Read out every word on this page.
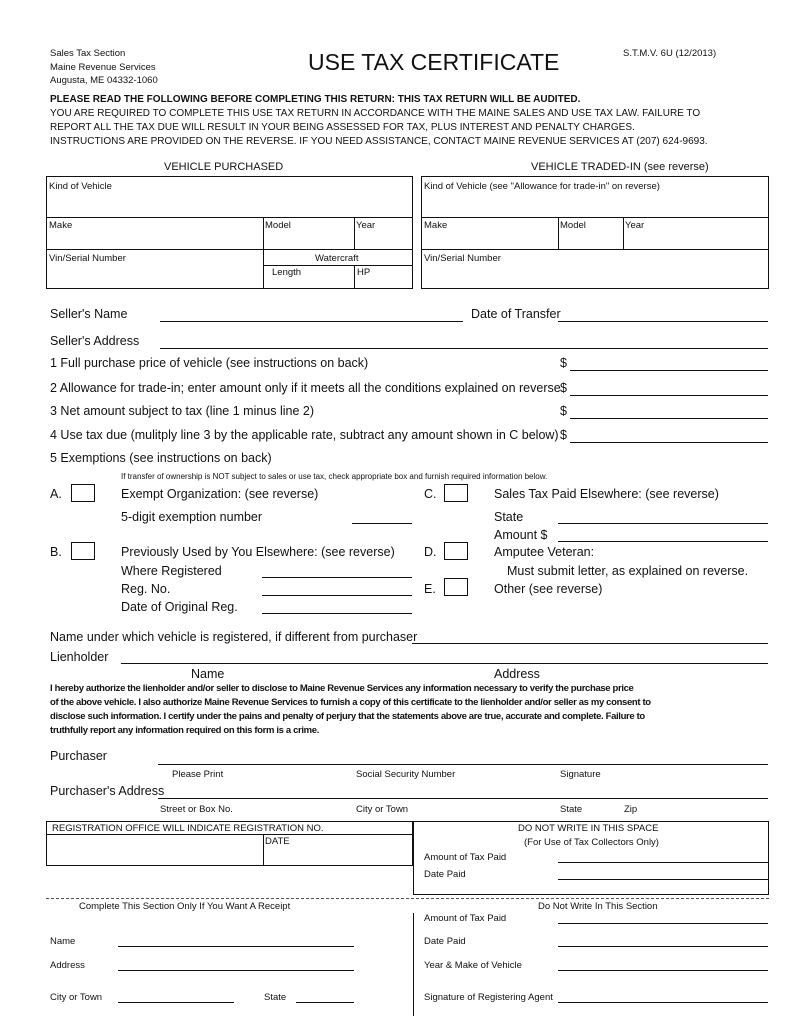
Sales Tax Section
Maine Revenue Services
Augusta, ME 04332-1060
USE TAX CERTIFICATE	S.T.M.V. 6U (12/2013)
PLEASE READ THE FOLLOWING BEFORE COMPLETING THIS RETURN: THIS TAX RETURN WILL BE AUDITED.
YOU ARE REQUIRED TO COMPLETE THIS USE TAX RETURN IN ACCORDANCE WITH THE MAINE SALES AND USE TAX LAW. FAILURE TO
REPORT ALL THE TAX DUE WILL RESULT IN YOUR BEING ASSESSED FOR TAX, PLUS INTEREST AND PENALTY CHARGES.
INSTRUCTIONS ARE PROVIDED ON THE REVERSE. IF YOU NEED ASSISTANCE, CONTACT MAINE REVENUE SERVICES AT (207) 624-9693.
VEHICLE PURCHASED
Kind of Vehicle
Make	Model	Year
Vin/Serial Number	Watercraft
Length	HP
VEHICLE TRADED-IN (see reverse)
Kind of Vehicle (see "Allowance for trade-in" on reverse)
Make	Model	Year
Vin/Serial Number
Seller's Name	Date of Transfer
Seller's Address
1 Full purchase price of vehicle (see instructions on back)	$
2 Allowance for trade-in; enter amount only if it meets all the conditions explained on reverse $
3 Net amount subject to tax (line 1 minus line 2)	$
4 Use tax due (mulitply line 3 by the applicable rate, subtract any amount shown in C below) $
5 Exemptions (see instructions on back)
If transfer of ownership is NOT subject to sales or use tax, check appropriate box and furnish required information below.
A.	Exempt Organization: (see reverse)
5-digit exemption number
B.	Previously Used by You Elsewhere: (see reverse)
Where Registered
Reg. No.
Date of Original Reg.
C.	Sales Tax Paid Elsewhere: (see reverse)
State
Amount $
D.	Amputee Veteran:
Must submit letter, as explained on reverse.
E.	Other (see reverse)
Name under which vehicle is registered, if different from purchaser
Lienholder
Name	Address
I hereby authorize the lienholder and/or seller to disclose to Maine Revenue Services any information necessary to verify the purchase price
of the above vehicle. I also authorize Maine Revenue Services to furnish a copy of this certificate to the lienholder and/or seller as my consent to
disclose such information. I certify under the pains and penalty of perjury that the statements above are true, accurate and complete. Failure to
truthfully report any information required on this form is a crime.
Purchaser
Please Print	Social Security Number	Signature
Purchaser's Address
Street or Box No.	City or Town	State	Zip
REGISTRATION OFFICE WILL INDICATE REGISTRATION NO.
DATE
DO NOT WRITE IN THIS SPACE
(For Use of Tax Collectors Only)
Amount of Tax Paid
Date Paid
Complete This Section Only If You Want A Receipt	Do Not Write In This Section
Name
Address
City or Town	State
Amount of Tax Paid
Date Paid
Year & Make of Vehicle
Signature of Registering Agent
